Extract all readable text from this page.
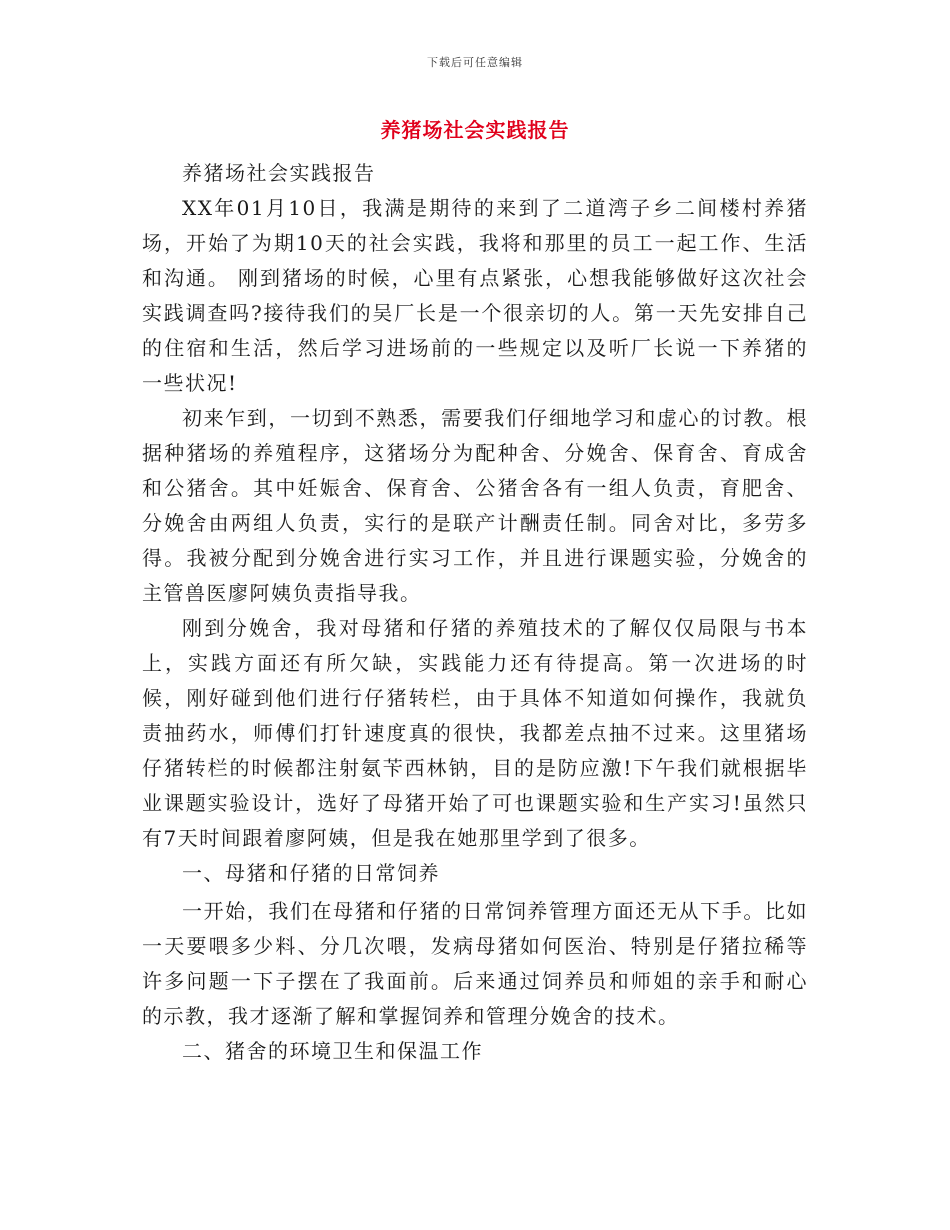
下载后可任意编辑
养猪场社会实践报告

养猪场社会实践报告

XX年01月10日，我满是期待的来到了二道湾子乡二间楼村养猪场，开始了为期10天的社会实践，我将和那里的员工一起工作、生活和沟通。 刚到猪场的时候，心里有点紧张，心想我能够做好这次社会实践调查吗?接待我们的吴厂长是一个很亲切的人。第一天先安排自己的住宿和生活，然后学习进场前的一些规定以及听厂长说一下养猪的一些状况!

初来乍到，一切到不熟悉，需要我们仔细地学习和虚心的讨教。根据种猪场的养殖程序，这猪场分为配种舍、分娩舍、保育舍、育成舍和公猪舍。其中妊娠舍、保育舍、公猪舍各有一组人负责，育肥舍、分娩舍由两组人负责，实行的是联产计酬责任制。同舍对比，多劳多得。我被分配到分娩舍进行实习工作，并且进行课题实验，分娩舍的主管兽医廖阿姨负责指导我。

刚到分娩舍，我对母猪和仔猪的养殖技术的了解仅仅局限与书本上，实践方面还有所欠缺，实践能力还有待提高。第一次进场的时候，刚好碰到他们进行仔猪转栏，由于具体不知道如何操作，我就负责抽药水，师傅们打针速度真的很快，我都差点抽不过来。这里猪场仔猪转栏的时候都注射氨苄西林钠，目的是防应激!下午我们就根据毕业课题实验设计，选好了母猪开始了可也课题实验和生产实习!虽然只有7天时间跟着廖阿姨，但是我在她那里学到了很多。

一、母猪和仔猪的日常饲养

一开始，我们在母猪和仔猪的日常饲养管理方面还无从下手。比如一天要喂多少料、分几次喂，发病母猪如何医治、特别是仔猪拉稀等许多问题一下子摆在了我面前。后来通过饲养员和师姐的亲手和耐心的示教，我才逐渐了解和掌握饲养和管理分娩舍的技术。

二、猪舍的环境卫生和保温工作
